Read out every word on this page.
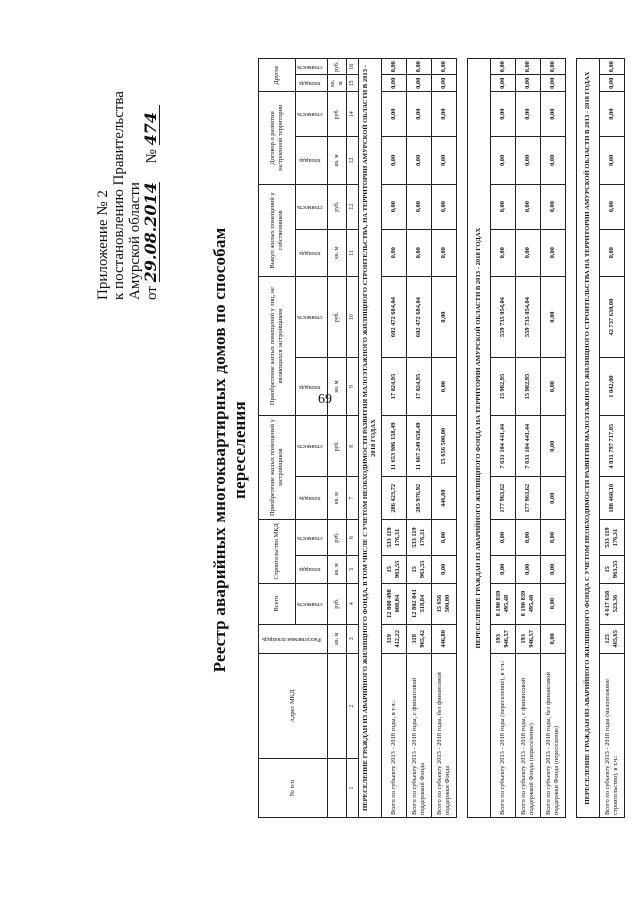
69
Приложение № 2 к постановлению Правительства Амурской области от 29.08.2014     № 474
Реестр аварийных многоквартирных домов по способам переселения
№ п/п	Адрес МКД	Расселяемая площадь	Всего	Строительство МКД		Приобретение жилых помещений у застройщиков		Приобретение жилых помещений у лиц, не являющихся застройщиком		Выкуп жилых помещений у собственников		Договор о развитии застроенной территории		Другое	
			стоимость	площадь	стоимость	площадь	стоимость	площадь	стоимость	площадь	стоимость	площадь	стоимость	площадь	стоимость
		кв. м	руб.	кв. м	руб.	кв. м	руб.	кв. м	руб.	кв. м	руб.	кв. м	руб.	кв. м	руб.
1	2	3	4	5	6	7	8	9	10	11	12	13	14	15	16
ПЕРЕСЕЛЕНИЕ ГРАЖДАН ИЗ АВАРИЙНОГО ЖИЛИЩНОГО ФОНДА, В ТОМ ЧИСЛЕ С УЧЕТОМ НЕОБХОДИМОСТИ РАЗВИТИЯ МАЛОЭТАЖНОГО ЖИЛИЩНОГО СТРОИТЕЛЬСТВА, НА ТЕРРИТОРИИ АМУРСКОЙ ОБЛАСТИ В 2013 - 2018 ГОДАХ															
Всего по субъекту 2013 - 2018 годы, в т.ч.:		319 412,22	12 808 498 008,84	15 963,55	533 119 176,31	286 423,72	11 653 986 158,49	17 024,95	602 472 684,04	0,00	0,00	0,00	0,00	0,00	0,00
Всего по субъекту 2013 - 2018 годы, с финансовой поддержкой Фонда		318 965,42	12 802 841 518,84	15 963,55	533 119 176,31	285 976,92	11 667 249 658,49	17 024,95	602 472 684,04	0,00	0,00	0,00	0,00	0,00	0,00
Всего по субъекту 2013 - 2018 годы, без финансовой поддержки Фонда		446,80	15 656 500,00	0,00	0,00	446,80	15 656 500,00	0,00	0,00	0,00	0,00	0,00	0,00	0,00	0,00

ПЕРЕСЕЛЕНИЕ ГРАЖДАН ИЗ АВАРИЙНОГО ЖИЛИЩНОГО ФОНДА НА ТЕРРИТОРИИ АМУРСКОЙ ОБЛАСТИ В 2013 - 2018 ГОДАХ															
Всего по субъекту 2013 - 2018 годы (переселение), в т.ч.:		193 946,57	8 190 839 495,48	0,00	0,00	177 963,62	7 631 104 441,44	15 982,95	559 735 054,04	0,00	0,00	0,00	0,00	0,00	0,00
Всего по субъекту 2013 - 2018 годы, с финансовой поддержкой Фонда (переселение)		193 946,57	8 190 839 495,48	0,00	0,00	177 963,62	7 631 104 441,44	15 982,95	559 735 054,04	0,00	0,00	0,00	0,00	0,00	0,00
Всего по субъекту 2013 - 2018 годы, без финансовой поддержки Фонда (переселение)		0,00	0,00	0,00	0,00	0,00	0,00	0,00	0,00	0,00	0,00	0,00	0,00	0,00	0,00

ПЕРЕСЕЛЕНИЕ ГРАЖДАН ИЗ АВАРИЙНОГО ЖИЛИЩНОГО ФОНДА С УЧЕТОМ НЕОБХОДИМОСТИ РАЗВИТИЯ МАЛОЭТАЖНОГО ЖИЛИЩНОГО СТРОИТЕЛЬСТВА НА ТЕРРИТОРИИ АМУРСКОЙ ОБЛАСТИ В 2013 - 2018 ГОДАХ															
Всего по субъекту 2013 - 2018 годы (малоэтажное строительство), в т.ч.:		125 465,65	4 617 658 523,36	15 963,55	533 119 176,31	108 460,10	4 031 797 717,05	1 042,00	42 737 630,00	0,00	0,00	0,00	0,00	0,00	0,00
